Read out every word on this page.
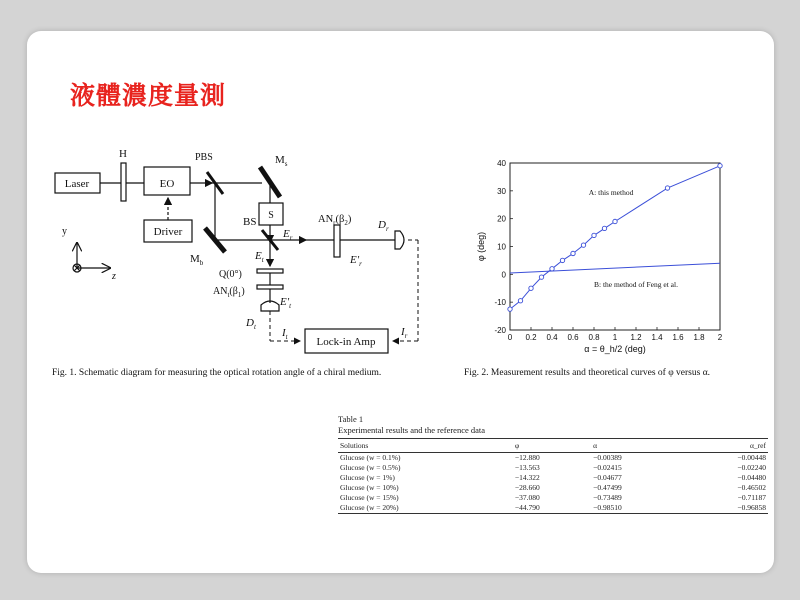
液體濃度量測
Laser
H
EO
Driver
PBS	$M_s$
$M_b$
BS
S
$E_r$
$E_t$
$AN_r(\beta_2)$ $D_r$
$E'_r$
Q(0°)
$AN_t(\beta_1)$
$E'_t$
$D_t$ $I_t$	$I_r$
Lock-in Amp
y
z
Fig. 1. Schematic diagram for measuring the optical rotation angle of a chiral medium.
0 0.2 0.4 0.6 0.8 1 1.2 1.4 1.6 1.8 2
40
30
20
10
0
-10
-20
α = θ_h/2 (deg)
φ (deg)
A: this method
B: the method of Feng et al.
Fig. 2. Measurement results and theoretical curves of φ versus α.
Table 1
Experimental results and the reference data
Solutions	φ	α	α_ref
Glucose (w = 0.1%)	−12.880	−0.00389	−0.00448
Glucose (w = 0.5%)	−13.563	−0.02415	−0.02240
Glucose (w = 1%)	−14.322	−0.04677	−0.04480
Glucose (w = 10%)	−28.660	−0.47499	−0.46502
Glucose (w = 15%)	−37.080	−0.73489	−0.71187
Glucose (w = 20%)	−44.790	−0.98510	−0.96858
